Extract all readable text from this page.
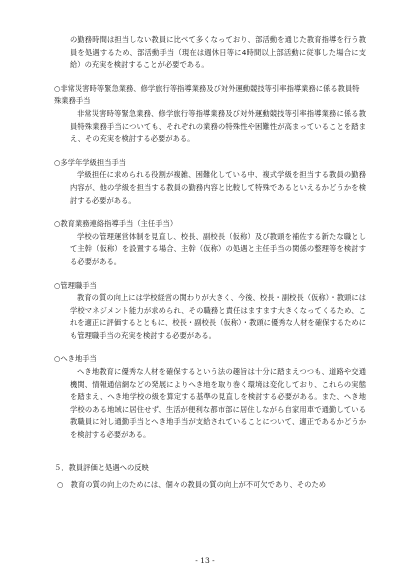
の勤務時間は担当しない教員に比べて多くなっており、部活動を通じた教育指導を行う教員を処遇するため、部活動手当（現在は週休日等に4時間以上部活動に従事した場合に支給）の充実を検討することが必要である。

○非常災害時等緊急業務、修学旅行等指導業務及び対外運動競技等引率指導業務に係る教員特殊業務手当

非常災害時等緊急業務、修学旅行等指導業務及び対外運動競技等引率指導業務に係る教員特殊業務手当についても、それぞれの業務の特殊性や困難性が高まっていることを踏まえ、その充実を検討する必要がある。

○多学年学級担当手当

学級担任に求められる役割が複雑、困難化している中、複式学級を担当する教員の勤務内容が、他の学級を担当する教員の勤務内容と比較して特殊であるといえるかどうかを検討する必要がある。

○教育業務連絡指導手当（主任手当）

学校の管理運営体制を見直し、校長、副校長（仮称）及び教頭を補佐する新たな職として主幹（仮称）を設置する場合、主幹（仮称）の処遇と主任手当の関係の整理等を検討する必要がある。

○管理職手当

教育の質の向上には学校経営の関わりが大きく、今後、校長・副校長（仮称）・教頭には学校マネジメント能力が求められ、その職務と責任はますます大きくなってくるため、これを適正に評価するとともに、校長・副校長（仮称）・教頭に優秀な人材を確保するためにも管理職手当の充実を検討する必要がある。

○へき地手当

へき地教育に優秀な人材を確保するという法の趣旨は十分に踏まえつつも、道路や交通機関、情報通信網などの発展によりへき地を取り巻く環境は変化しており、これらの実態を踏まえ、へき地学校の級を算定する基準の見直しを検討する必要がある。また、へき地学校のある地域に居住せず、生活が便利な都市部に居住しながら自家用車で通勤している教職員に対し通勤手当とへき地手当が支給されていることについて、適正であるかどうかを検討する必要がある。

５．教員評価と処遇への反映

○　教育の質の向上のためには、個々の教員の質の向上が不可欠であり、そのため

- 13 -
